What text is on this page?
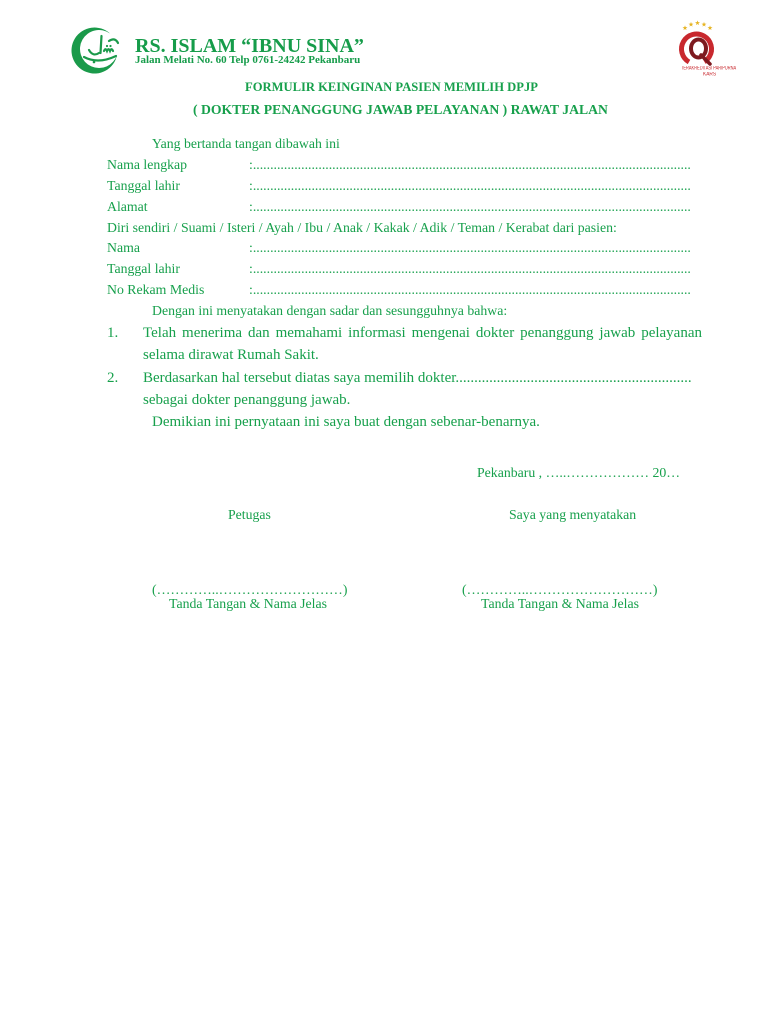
RS. ISLAM “IBNU SINA”
Jalan Melati No. 60 Telp 0761-24242 Pekanbaru
TERAKREDITASI PARIPURNA
KARS
FORMULIR KEINGINAN PASIEN MEMILIH DPJP
( DOKTER PENANGGUNG JAWAB PELAYANAN ) RAWAT JALAN
Yang bertanda tangan dibawah ini
Nama lengkap	:...............................................................................................................................
Tanggal lahir	:...............................................................................................................................
Alamat	:...............................................................................................................................
Diri sendiri / Suami / Isteri / Ayah / Ibu / Anak / Kakak / Adik / Teman / Kerabat dari pasien:
Nama	:...............................................................................................................................
Tanggal lahir	:...............................................................................................................................
No Rekam Medis	:...............................................................................................................................
Dengan ini menyatakan dengan sadar dan sesungguhnya bahwa:
1. Telah menerima dan memahami informasi mengenai dokter penanggung jawab pelayanan selama dirawat Rumah Sakit.
2. Berdasarkan hal tersebut diatas saya memilih dokter............................................................... sebagai dokter penanggung jawab.
Demikian ini pernyataan ini saya buat dengan sebenar-benarnya.
Pekanbaru , …..……………… 20…
Petugas	Saya yang menyatakan
(…………..………………………)
Tanda Tangan & Nama Jelas
(…………..………………………)
Tanda Tangan & Nama Jelas
